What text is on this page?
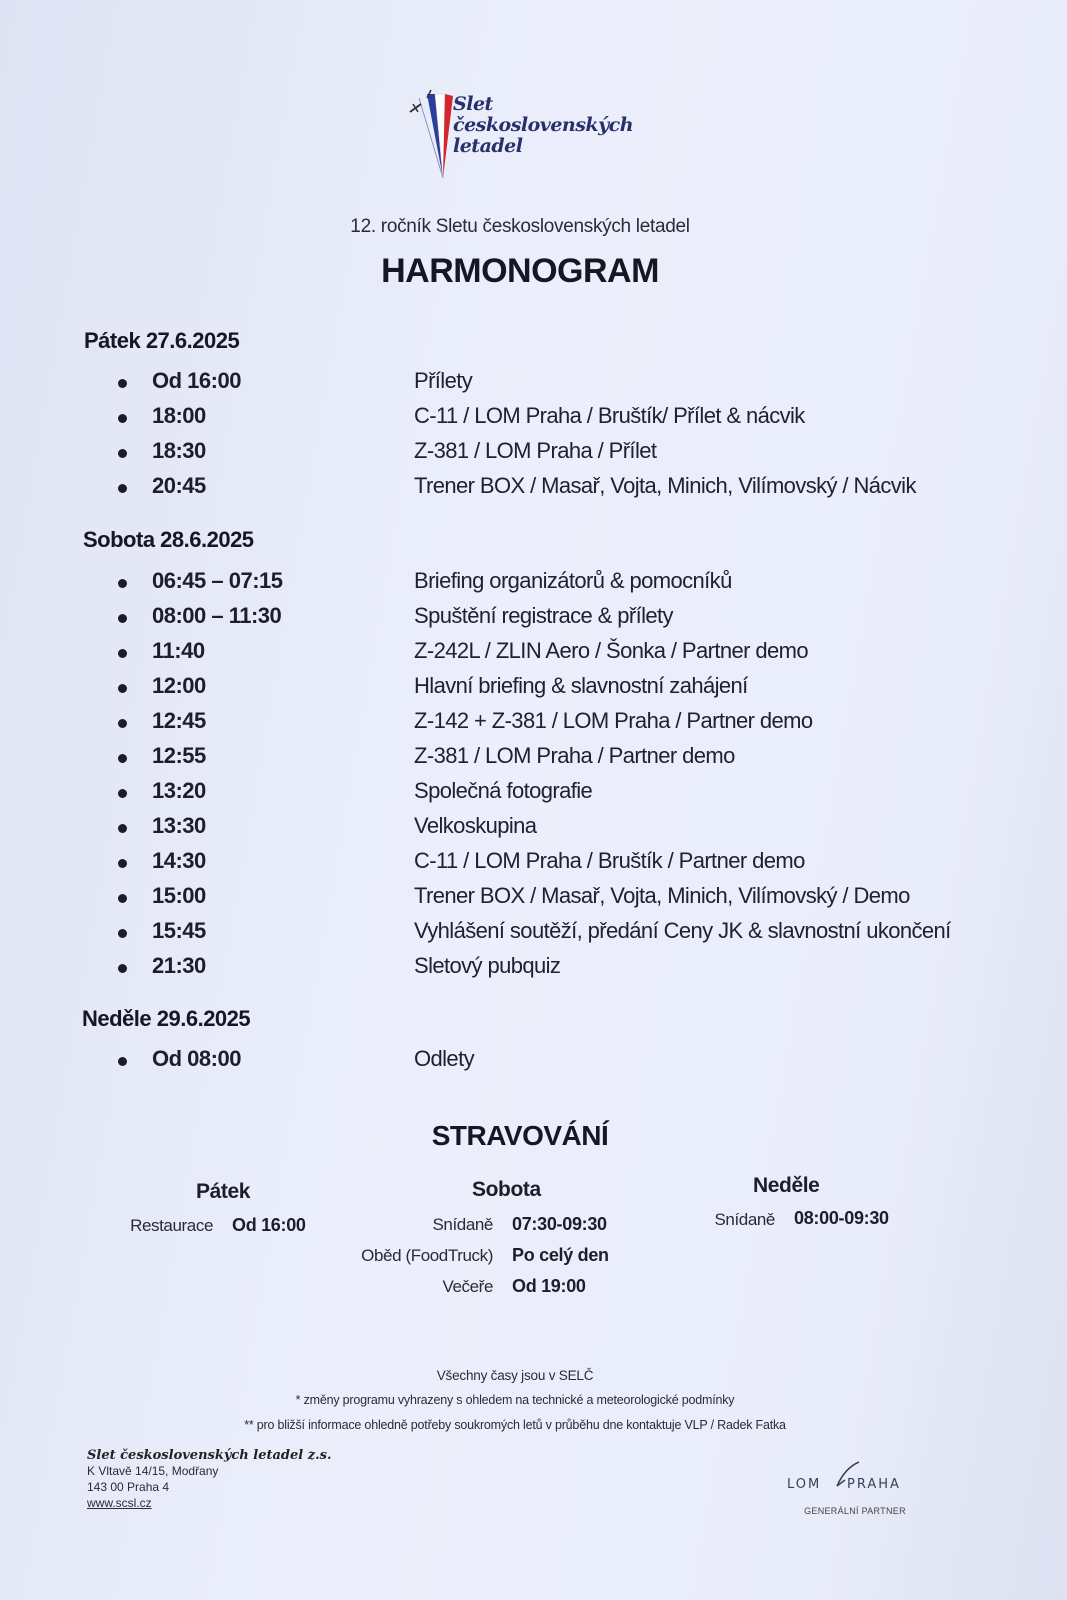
Slet
československých
letadel
12. ročník Sletu československých letadel
HARMONOGRAM
Pátek 27.6.2025
Od 16:00	Přílety
18:00	C-11 / LOM Praha / Bruštík/ Přílet & nácvik
18:30	Z-381 / LOM Praha / Přílet
20:45	Trener BOX / Masař, Vojta, Minich, Vilímovský / Nácvik
Sobota 28.6.2025
06:45 – 07:15	Briefing organizátorů & pomocníků
08:00 – 11:30	Spuštění registrace & přílety
11:40	Z-242L / ZLIN Aero / Šonka / Partner demo
12:00	Hlavní briefing & slavnostní zahájení
12:45	Z-142 + Z-381 / LOM Praha / Partner demo
12:55	Z-381 / LOM Praha / Partner demo
13:20	Společná fotografie
13:30	Velkoskupina
14:30	C-11 / LOM Praha / Bruštík / Partner demo
15:00	Trener BOX / Masař, Vojta, Minich, Vilímovský / Demo
15:45	Vyhlášení soutěží, předání Ceny JK & slavnostní ukončení
21:30	Sletový pubquiz
Neděle 29.6.2025
Od 08:00	Odlety
STRAVOVÁNÍ
Pátek
Restaurace Od 16:00
Sobota
Snídaně 07:30-09:30
Oběd (FoodTruck) Po celý den
Večeře Od 19:00
Neděle
Snídaně 08:00-09:30
Všechny časy jsou v SELČ
* změny programu vyhrazeny s ohledem na technické a meteorologické podmínky
** pro bližší informace ohledně potřeby soukromých letů v průběhu dne kontaktuje VLP / Radek Fatka
Slet československých letadel z.s.
K Vltavě 14/15, Modřany
143 00 Praha 4
www.scsl.cz
LOM PRAHA
GENERÁLNÍ PARTNER
